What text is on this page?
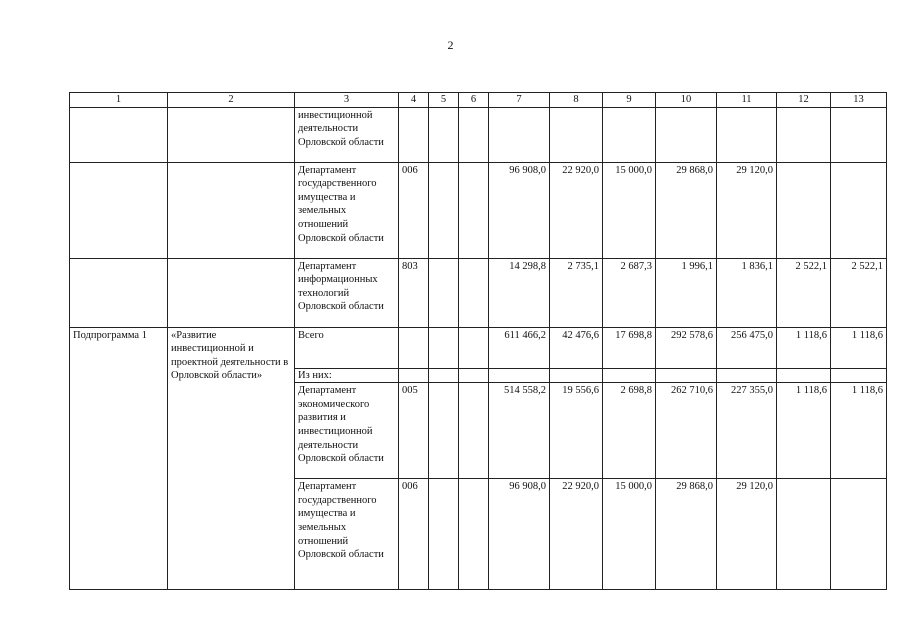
2
1	2	3	4	5	6	7	8	9	10	11	12	13
		инвестиционной деятельности Орловской области										
		Департамент государственного имущества и земельных отношений Орловской области	006			96 908,0	22 920,0	15 000,0	29 868,0	29 120,0		
		Департамент информационных технологий Орловской области	803			14 298,8	2 735,1	2 687,3	1 996,1	1 836,1	2 522,1	2 522,1
Подпрограмма 1	«Развитие инвестиционной и проектной деятельности в Орловской области»	Всего				611 466,2	42 476,6	17 698,8	292 578,6	256 475,0	1 118,6	1 118,6
		Из них:										
		Департамент экономического развития и инвестиционной деятельности Орловской области	005			514 558,2	19 556,6	2 698,8	262 710,6	227 355,0	1 118,6	1 118,6
		Департамент государственного имущества и земельных отношений Орловской области	006			96 908,0	22 920,0	15 000,0	29 868,0	29 120,0		
